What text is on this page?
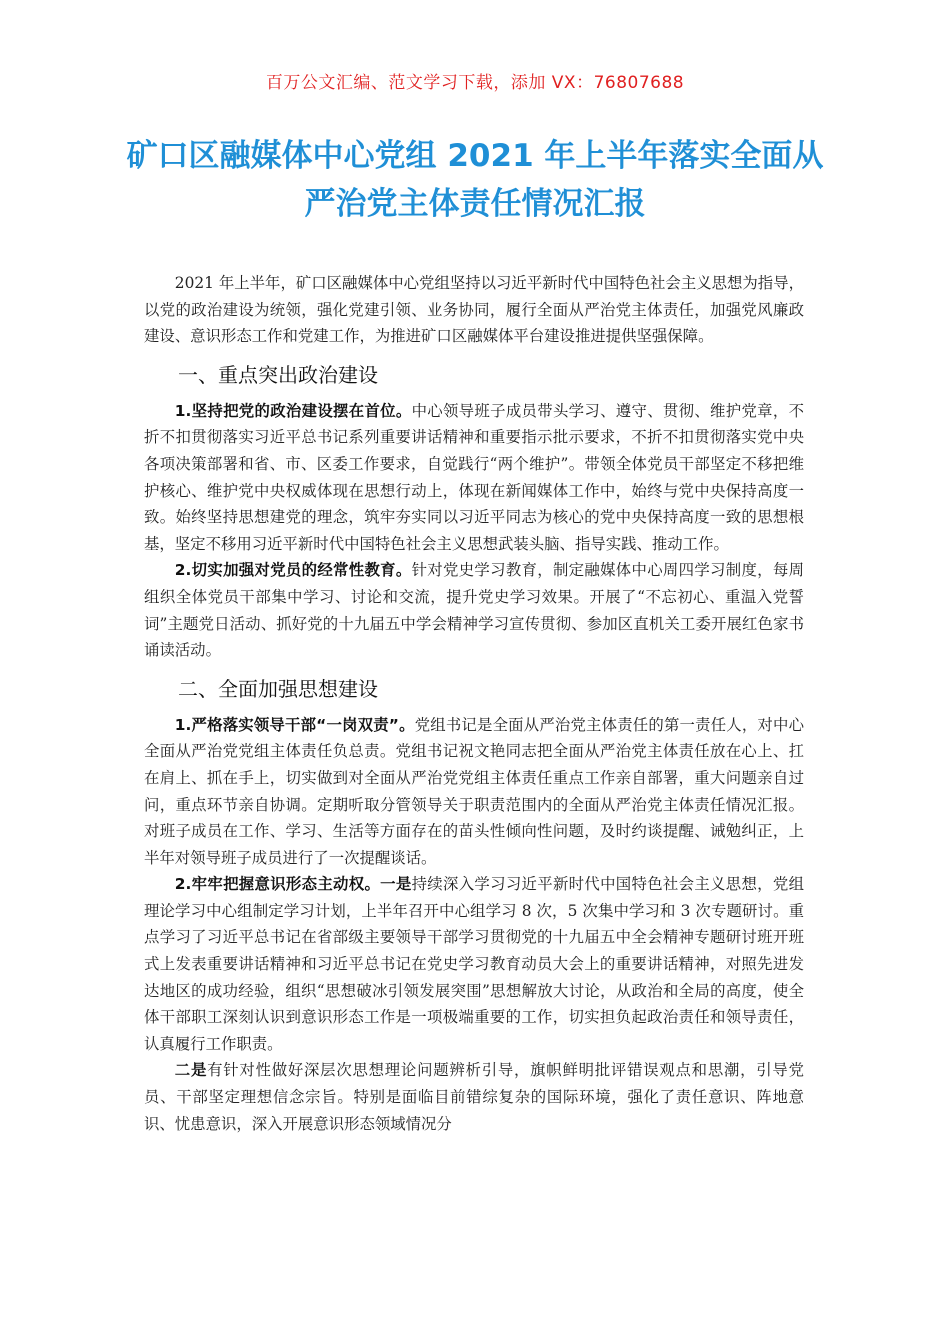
百万公文汇编、范文学习下载，添加 VX：76807688
矿口区融媒体中心党组 2021 年上半年落实全面从严治党主体责任情况汇报

2021 年上半年，矿口区融媒体中心党组坚持以习近平新时代中国特色社会主义思想为指导，以党的政治建设为统领，强化党建引领、业务协同，履行全面从严治党主体责任，加强党风廉政建设、意识形态工作和党建工作，为推进矿口区融媒体平台建设推进提供坚强保障。

一、重点突出政治建设

1.坚持把党的政治建设摆在首位。中心领导班子成员带头学习、遵守、贯彻、维护党章，不折不扣贯彻落实习近平总书记系列重要讲话精神和重要指示批示要求，不折不扣贯彻落实党中央各项决策部署和省、市、区委工作要求，自觉践行“两个维护”。带领全体党员干部坚定不移把维护核心、维护党中央权威体现在思想行动上，体现在新闻媒体工作中，始终与党中央保持高度一致。始终坚持思想建党的理念，筑牢夯实同以习近平同志为核心的党中央保持高度一致的思想根基，坚定不移用习近平新时代中国特色社会主义思想武装头脑、指导实践、推动工作。

2.切实加强对党员的经常性教育。针对党史学习教育，制定融媒体中心周四学习制度，每周组织全体党员干部集中学习、讨论和交流，提升党史学习效果。开展了“不忘初心、重温入党誓词”主题党日活动、抓好党的十九届五中学会精神学习宣传贯彻、参加区直机关工委开展红色家书诵读活动。

二、全面加强思想建设

1.严格落实领导干部“一岗双责”。党组书记是全面从严治党主体责任的第一责任人，对中心全面从严治党党组主体责任负总责。党组书记祝文艳同志把全面从严治党主体责任放在心上、扛在肩上、抓在手上，切实做到对全面从严治党党组主体责任重点工作亲自部署，重大问题亲自过问，重点环节亲自协调。定期听取分管领导关于职责范围内的全面从严治党主体责任情况汇报。对班子成员在工作、学习、生活等方面存在的苗头性倾向性问题，及时约谈提醒、诫勉纠正，上半年对领导班子成员进行了一次提醒谈话。

2.牢牢把握意识形态主动权。一是持续深入学习习近平新时代中国特色社会主义思想，党组理论学习中心组制定学习计划，上半年召开中心组学习 8 次，5 次集中学习和 3 次专题研讨。重点学习了习近平总书记在省部级主要领导干部学习贯彻党的十九届五中全会精神专题研讨班开班式上发表重要讲话精神和习近平总书记在党史学习教育动员大会上的重要讲话精神，对照先进发达地区的成功经验，组织“思想破冰引领发展突围”思想解放大讨论，从政治和全局的高度，使全体干部职工深刻认识到意识形态工作是一项极端重要的工作，切实担负起政治责任和领导责任，认真履行工作职责。

二是有针对性做好深层次思想理论问题辨析引导，旗帜鲜明批评错误观点和思潮，引导党员、干部坚定理想信念宗旨。特别是面临目前错综复杂的国际环境，强化了责任意识、阵地意识、忧患意识，深入开展意识形态领域情况分
